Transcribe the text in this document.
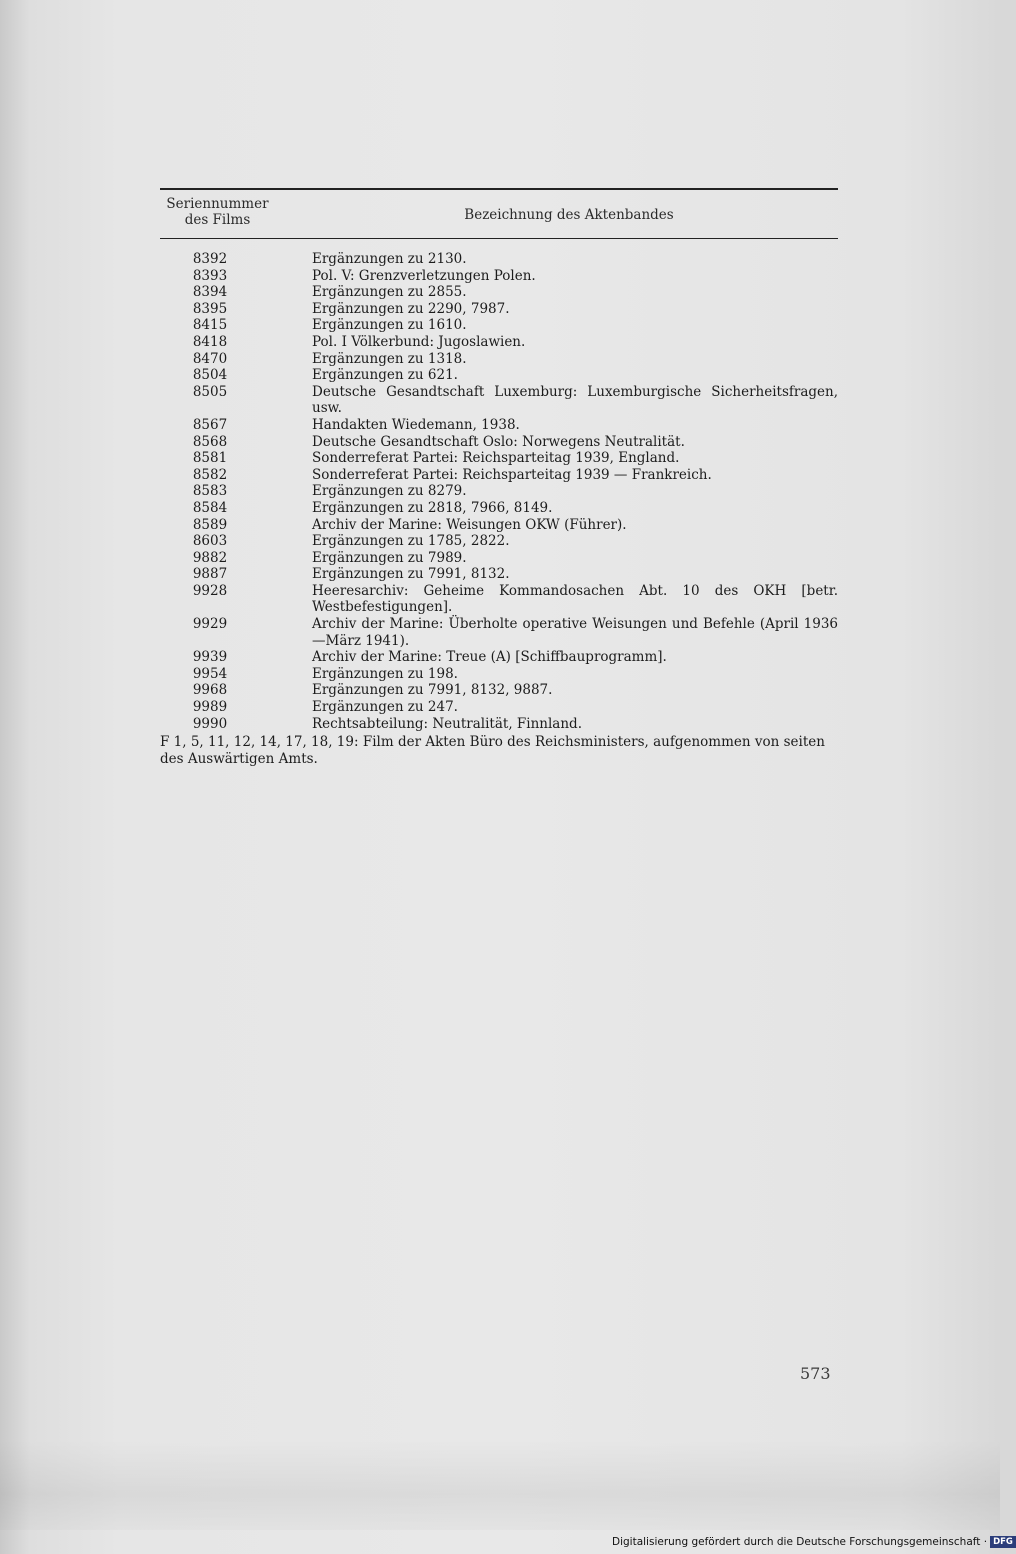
Seriennummer
des Films	Bezeichnung des Aktenbandes
8392	Ergänzungen zu 2130.
8393	Pol. V: Grenzverletzungen Polen.
8394	Ergänzungen zu 2855.
8395	Ergänzungen zu 2290, 7987.
8415	Ergänzungen zu 1610.
8418	Pol. I Völkerbund: Jugoslawien.
8470	Ergänzungen zu 1318.
8504	Ergänzungen zu 621.
8505	Deutsche Gesandtschaft Luxemburg: Luxemburgische Sicherheitsfragen, usw.
8567	Handakten Wiedemann, 1938.
8568	Deutsche Gesandtschaft Oslo: Norwegens Neutralität.
8581	Sonderreferat Partei: Reichsparteitag 1939, England.
8582	Sonderreferat Partei: Reichsparteitag 1939 — Frankreich.
8583	Ergänzungen zu 8279.
8584	Ergänzungen zu 2818, 7966, 8149.
8589	Archiv der Marine: Weisungen OKW (Führer).
8603	Ergänzungen zu 1785, 2822.
9882	Ergänzungen zu 7989.
9887	Ergänzungen zu 7991, 8132.
9928	Heeresarchiv: Geheime Kommandosachen Abt. 10 des OKH [betr. Westbefestigungen].
9929	Archiv der Marine: Überholte operative Weisungen und Befehle (April 1936—März 1941).
9939	Archiv der Marine: Treue (A) [Schiffbauprogramm].
9954	Ergänzungen zu 198.
9968	Ergänzungen zu 7991, 8132, 9887.
9989	Ergänzungen zu 247.
9990	Rechtsabteilung: Neutralität, Finnland.
F 1, 5, 11, 12, 14, 17, 18, 19: Film der Akten Büro des Reichsministers, aufgenommen von seiten des Auswärtigen Amts.
573
Digitalisierung gefördert durch die Deutsche Forschungsgemeinschaft · DFG
